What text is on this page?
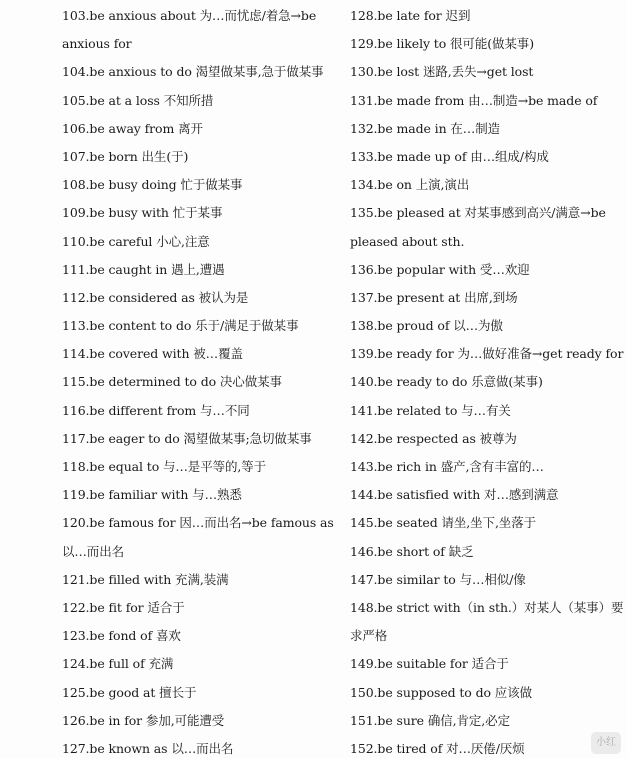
103.be anxious about 为…而忧虑/着急→be
anxious for
104.be anxious to do 渴望做某事,急于做某事
105.be at a loss 不知所措
106.be away from 离开
107.be born 出生(于)
108.be busy doing 忙于做某事
109.be busy with 忙于某事
110.be careful 小心,注意
111.be caught in 遇上,遭遇
112.be considered as 被认为是
113.be content to do 乐于/满足于做某事
114.be covered with 被…覆盖
115.be determined to do 决心做某事
116.be different from 与…不同
117.be eager to do 渴望做某事;急切做某事
118.be equal to 与…是平等的,等于
119.be familiar with 与…熟悉
120.be famous for 因…而出名→be famous as
以…而出名
121.be filled with 充满,装满
122.be fit for 适合于
123.be fond of 喜欢
124.be full of 充满
125.be good at 擅长于
126.be in for 参加,可能遭受
127.be known as 以…而出名
128.be late for 迟到
129.be likely to 很可能(做某事)
130.be lost 迷路,丢失→get lost
131.be made from 由…制造→be made of
132.be made in 在…制造
133.be made up of 由…组成/构成
134.be on 上演,演出
135.be pleased at 对某事感到高兴/满意→be
pleased about sth.
136.be popular with 受…欢迎
137.be present at 出席,到场
138.be proud of 以…为傲
139.be ready for 为…做好准备→get ready for
140.be ready to do 乐意做(某事)
141.be related to 与…有关
142.be respected as 被尊为
143.be rich in 盛产,含有丰富的…
144.be satisfied with 对…感到满意
145.be seated 请坐,坐下,坐落于
146.be short of 缺乏
147.be similar to 与…相似/像
148.be strict with（in sth.）对某人（某事）要
求严格
149.be suitable for 适合于
150.be supposed to do 应该做
151.be sure 确信,肯定,必定
152.be tired of 对…厌倦/厌烦	小红
